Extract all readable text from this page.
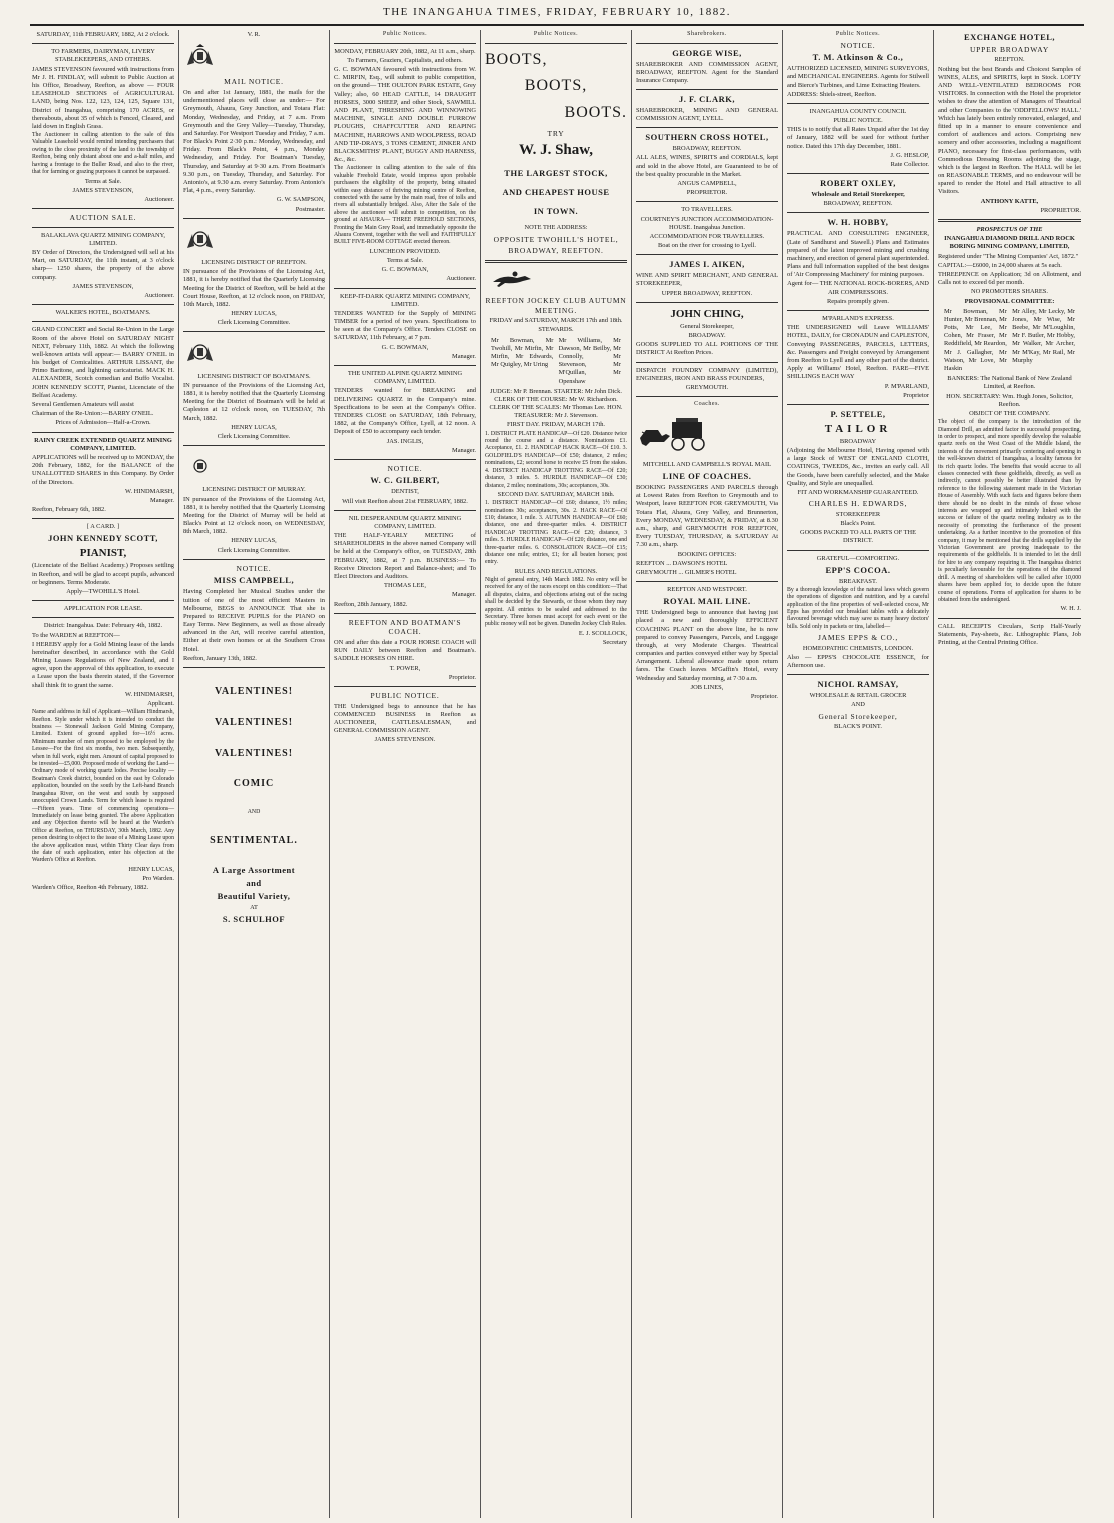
THE INANGAHUA TIMES, FRIDAY, FEBRUARY 10, 1882.

SATURDAY, 11th FEBRUARY, 1882, At 2 o'clock.

TO FARMERS, DAIRYMAN, LIVERY STABLEKEEPERS, AND OTHERS.

JAMES STEVENSON favoured with instructions from Mr J. H. FINDLAY, will submit to Public Auction at his Office, Broadway, Reefton, as above — FOUR LEASEHOLD SECTIONS of AGRICULTURAL LAND, being Nos. 122, 123, 124, 125, Square 131, District of Inangahua, comprising 170 ACRES, or thereabouts, about 35 of which is Fenced, Cleared, and laid down in English Grass.

The Auctioneer in calling attention to the sale of this Valuable Leasehold would remind intending purchasers that owing to the close proximity of the land to the township of Reefton, being only distant about one and a-half miles, and having a frontage to the Buller Road, and also to the river, that for farming or grazing purposes it cannot be surpassed.

Terms at Sale.

JAMES STEVENSON,

Auctioneer.

AUCTION SALE.

BALAKLAVA QUARTZ MINING COMPANY, LIMITED.

BY Order of Directors, the Undersigned will sell at his Mart, on SATURDAY, the 11th instant, at 3 o'clock sharp— 1250 shares, the property of the above company.

JAMES STEVENSON,

Auctioneer.

WALKER'S HOTEL, BOATMAN'S.

GRAND CONCERT and Social Re-Union in the Large Room of the above Hotel on SATURDAY NIGHT NEXT, February 11th, 1882. At which the following well-known artists will appear:— BARRY O'NEIL in his budget of Comicalities. ARTHUR LISSANT, the Primo Baritone, and lightning caricaturist. MACK H. ALEXANDER, Scotch comedian and Buffo Vocalist. JOHN KENNEDY SCOTT, Pianist, Licenciate of the Belfast Academy.

Several Gentlemen Amateurs will assist

Chairman of the Re-Union:—BARRY O'NEIL.

Prices of Admission—Half-a-Crown.

RAINY CREEK EXTENDED QUARTZ MINING COMPANY, LIMITED.

APPLICATIONS will be received up to MONDAY, the 20th February, 1882, for the BALANCE of the UNALLOTTED SHARES in this Company. By Order of the Directors.

W. HINDMARSH,

Manager.

Reefton, February 6th, 1882.

[ A CARD. ]

JOHN KENNEDY SCOTT,

PIANIST,

(Licenciate of the Belfast Academy.) Proposes settling in Reefton, and will be glad to accept pupils, advanced or beginners. Terms Moderate.

Apply—TWOHILL'S Hotel.

APPLICATION FOR LEASE.

District: Inangahua. Date: February 4th, 1882.

To the WARDEN at REEFTON—

I HEREBY apply for a Gold Mining lease of the lands hereinafter described, in accordance with the Gold Mining Leases Regulations of New Zealand, and I agree, upon the approval of this application, to execute a Lease upon the basis therein stated, if the Governor shall think fit to grant the same.

W. HINDMARSH,

Applicant.

Name and address in full of Applicant—William Hindmarsh, Reefton. Style under which it is intended to conduct the business — Stonewall Jackson Gold Mining Company, Limited. Extent of ground applied for—16½ acres. Minimum number of men proposed to be employed by the Lessee—For the first six months, two men. Subsequently, when in full work, eight men. Amount of capital proposed to be invested—£5,000. Proposed mode of working the Land—Ordinary mode of working quartz lodes. Precise locality — Boatman's Creek district, bounded on the east by Colorado application, bounded on the south by the Left-hand Branch Inangahua River, on the west and south by supposed unoccupied Crown Lands. Term for which lease is required—Fifteen years. Time of commencing operations—Immediately on lease being granted. The above Application and any Objection thereto will be heard at the Warden's Office at Reefton, on THURSDAY, 30th March, 1882. Any person desiring to object to the issue of a Mining Lease upon the above application must, within Thirty Clear days from the date of such application, enter his objection at the Warden's Office at Reefton.

HENRY LUCAS,

Pro Warden.

Warden's Office, Reefton 4th February, 1882.

V. R.

MAIL NOTICE.

On and after 1st January, 1881, the mails for the undermentioned places will close as under:— For Greymouth, Ahaura, Grey Junction, and Totara Flat: Monday, Wednesday, and Friday, at 7 a.m. From Greymouth and the Grey Valley—Tuesday, Thursday, and Saturday. For Westport Tuesday and Friday, 7 a.m. For Black's Point 2·30 p.m.: Monday, Wednesday, and Friday. From Black's Point, 4 p.m., Monday Wednesday, and Friday. For Boatman's Tuesday, Thursday, and Saturday at 9·30 a.m. From Boatman's 9.30 p.m., on Tuesday, Thursday, and Saturday. For Antonio's, at 9.30 a.m. every Saturday. From Antonio's Flat, 4 p.m., every Saturday.

G. W. SAMPSON,

Postmaster.

LICENSING DISTRICT OF REEFTON.

IN pursuance of the Provisions of the Licensing Act, 1881, it is hereby notified that the Quarterly Licensing Meeting for the District of Reefton, will be held at the Court House, Reefton, at 12 o'clock noon, on FRIDAY, 10th March, 1882.

HENRY LUCAS,

Clerk Licensing Committee.

LICENSING DISTRICT OF BOATMAN'S.

IN pursuance of the Provisions of the Licensing Act, 1881, it is hereby notified that the Quarterly Licensing Meeting for the District of Boatman's will be held at Capleston at 12 o'clock noon, on TUESDAY, 7th March, 1882.

HENRY LUCAS,

Clerk Licensing Committee.

LICENSING DISTRICT OF MURRAY.

IN pursuance of the Provisions of the Licensing Act, 1881, it is hereby notified that the Quarterly Licensing Meeting for the District of Murray will be held at Black's Point at 12 o'clock noon, on WEDNESDAY, 8th March, 1882.

HENRY LUCAS,

Clerk Licensing Committee.

NOTICE.

MISS CAMPBELL,

Having Completed her Musical Studies under the tuition of one of the most efficient Masters in Melbourne, BEGS to ANNOUNCE That she is Prepared to RECEIVE PUPILS for the PIANO on Easy Terms. New Beginners, as well as those already advanced in the Art, will receive careful attention, Either at their own homes or at the Southern Cross Hotel.

Reefton, January 13th, 1882.

VALENTINES!

VALENTINES!

VALENTINES!

COMIC

AND

SENTIMENTAL.

A Large Assortment

and

Beautiful Variety,

AT

S. SCHULHOF

Public Notices.

MONDAY, FEBRUARY 20th, 1882, At 11 a.m., sharp.

To Farmers, Graziers, Capitalists, and others.

G. C. BOWMAN favoured with instructions from W. C. MIRFIN, Esq., will submit to public competition, on the ground— THE OULTON PARK ESTATE, Grey Valley; also, 60 HEAD CATTLE, 14 DRAUGHT HORSES, 3000 SHEEP, and other Stock, SAWMILL AND PLANT, THRESHING AND WINNOWING MACHINE, SINGLE AND DOUBLE FURROW PLOUGHS, CHAFFCUTTER AND REAPING MACHINE, HARROWS AND WOOLPRESS, ROAD AND TIP-DRAYS, 3 TONS CEMENT, JINKER AND BLACKSMITHS' PLANT, BUGGY AND HARNESS, &c., &c.

The Auctioneer in calling attention to the sale of this valuable Freehold Estate, would impress upon probable purchasers the eligibility of the property, being situated within easy distance of thriving mining centre of Reefton, connected with the same by the main road, free of tolls and rivers all substantially bridged. Also, After the Sale of the above the auctioneer will submit to competition, on the ground at AHAURA— THREE FREEHOLD SECTIONS, Fronting the Main Grey Road, and immediately opposite the Ahaura Convent, together with the well and FAITHFULLY BUILT FIVE-ROOM COTTAGE erected thereon.

LUNCHEON PROVIDED.

Terms at Sale.

G. C. BOWMAN,

Auctioneer.

KEEP-IT-DARK QUARTZ MINING COMPANY, LIMITED.

TENDERS WANTED for the Supply of MINING TIMBER for a period of two years. Specifications to be seen at the Company's Office. Tenders CLOSE on SATURDAY, 11th February, at 7 p.m.

G. C. BOWMAN,

Manager.

THE UNITED ALPINE QUARTZ MINING COMPANY, LIMITED.

TENDERS wanted for BREAKING and DELIVERING QUARTZ in the Company's mine. Specifications to be seen at the Company's Office. TENDERS CLOSE on SATURDAY, 18th February, 1882, at the Company's Office, Lyell, at 12 noon. A Deposit of £50 to accompany each tender.

JAS. INGLIS,

Manager.

NOTICE.

W. C. GILBERT,

DENTIST,

Will visit Reefton about 21st FEBRUARY, 1882.

NIL DESPERANDUM QUARTZ MINING COMPANY, LIMITED.

THE HALF-YEARLY MEETING of SHAREHOLDERS in the above named Company will be held at the Company's office, on TUESDAY, 28th FEBRUARY, 1882, at 7 p.m. BUSINESS:— To Receive Directors Report and Balance-sheet; and To Elect Directors and Auditors.

THOMAS LEE,

Manager.

Reefton, 28th January, 1882.

REEFTON AND BOATMAN'S COACH.

ON and after this date a FOUR HORSE COACH will RUN DAILY between Reefton and Boatman's. SADDLE HORSES ON HIRE.

T. POWER,

Proprietor.

PUBLIC NOTICE.

THE Undersigned begs to announce that he has COMMENCED BUSINESS in Reefton as AUCTIONEER, CATTLESALESMAN, and GENERAL COMMISSION AGENT.

JAMES STEVENSON.

Public Notices.

BOOTS,

BOOTS,

BOOTS.

TRY

W. J. Shaw,

THE LARGEST STOCK,

AND CHEAPEST HOUSE

IN TOWN.

NOTE THE ADDRESS:

OPPOSITE TWOHILL'S HOTEL,

BROADWAY, REEFTON.

REEFTON JOCKEY CLUB AUTUMN MEETING.

FRIDAY and SATURDAY, MARCH 17th and 18th.

STEWARDS.

Mr Bowman, Mr Twohill, Mr Mirfin, Mr Mirfin, Mr Edwards, Mr Quigley, Mr Uring

Mr Williams, Mr Dawson, Mr Beilby, Mr Connolly, Mr Stevenson, Mr M'Quillan, Mr Openshaw

JUDGE: Mr P. Brennan. STARTER: Mr John Dick. CLERK OF THE COURSE: Mr W. Richardson. CLERK OF THE SCALES: Mr Thomas Lee. HON. TREASURER: Mr J. Stevenson.

FIRST DAY. FRIDAY, MARCH 17th.

1. DISTRICT PLATE HANDICAP—Of £20. Distance twice round the course and a distance. Nominations £1. Acceptance, £1. 2. HANDICAP HACK RACE—Of £10. 3. GOLDFIELD'S HANDICAP—Of £50; distance, 2 miles; nominations, £2; second horse to receive £5 from the stakes. 4. DISTRICT HANDICAP TROTTING RACE—Of £20; distance, 3 miles. 5. HURDLE HANDICAP—Of £30; distance, 2 miles; nominations, 30s; acceptances, 30s.

SECOND DAY. SATURDAY, MARCH 18th.

1. DISTRICT HANDICAP—Of £60; distance, 1½ miles; nominations 30s; acceptances, 30s. 2. HACK RACE—Of £10; distance, 1 mile. 3. AUTUMN HANDICAP—Of £60; distance, one and three-quarter miles. 4. DISTRICT HANDICAP TROTTING RACE—Of £20; distance, 3 miles. 5. HURDLE HANDICAP—Of £20; distance, one and three-quarter miles. 6. CONSOLATION RACE—Of £15; distance one mile; entries, £1; for all beaten horses; post entry.

RULES AND REGULATIONS.

Night of general entry, 14th March 1882. No entry will be received for any of the races except on this condition:—That all disputes, claims, and objections arising out of the racing shall be decided by the Stewards, or those whom they may appoint. All entries to be sealed and addressed to the Secretary. Three horses must accept for each event or the public money will not be given. Dunedin Jockey Club Rules.

E. J. SCOLLOCK,

Secretary

Sharebrokers.

GEORGE WISE,

SHAREBROKER AND COMMISSION AGENT, BROADWAY, REEFTON. Agent for the Standard Insurance Company.

J. F. CLARK,

SHAREBROKER, MINING AND GENERAL COMMISSION AGENT, LYELL.

SOUTHERN CROSS HOTEL,

BROADWAY, REEFTON.

ALL ALES, WINES, SPIRITS and CORDIALS, kept and sold in the above Hotel, are Guaranteed to be of the best quality procurable in the Market.

ANGUS CAMPBELL,

PROPRIETOR.

TO TRAVELLERS.

COURTNEY'S JUNCTION ACCOMMODATION-HOUSE. Inangahua Junction.

ACCOMMODATION FOR TRAVELLERS.

Boat on the river for crossing to Lyell.

JAMES I. AIKEN,

WINE AND SPIRIT MERCHANT, AND GENERAL STOREKEEPER,

UPPER BROADWAY, REEFTON.

JOHN CHING,

General Storekeeper,

BROADWAY.

GOODS SUPPLIED TO ALL PORTIONS OF THE DISTRICT At Reefton Prices.

DISPATCH FOUNDRY COMPANY (LIMITED), ENGINEERS, IRON AND BRASS FOUNDERS,

GREYMOUTH.

Coaches.

MITCHELL AND CAMPBELL'S ROYAL MAIL

LINE OF COACHES.

BOOKING PASSENGERS AND PARCELS through at Lowest Rates from Reefton to Greymouth and to Westport, leave REEFTON FOR GREYMOUTH, Via Totara Flat, Ahaura, Grey Valley, and Brunnerton, Every MONDAY, WEDNESDAY, & FRIDAY, at 8.30 a.m., sharp, and GREYMOUTH FOR REEFTON, Every TUESDAY, THURSDAY, & SATURDAY At 7.30 a.m., sharp.

BOOKING OFFICES:

REEFTON ... DAWSON'S HOTEL

GREYMOUTH ... GILMER'S HOTEL

REEFTON AND WESTPORT.

ROYAL MAIL LINE.

THE Undersigned begs to announce that having just placed a new and thoroughly EFFICIENT COACHING PLANT on the above line, he is now prepared to convey Passengers, Parcels, and Luggage through, at very Moderate Charges. Theatrical companies and parties conveyed either way by Special Arrangement. Liberal allowance made upon return fares. The Coach leaves M'Gaffin's Hotel, every Wednesday and Saturday morning, at 7·30 a.m.

JOB LINES,

Proprietor.

Public Notices.

NOTICE.

T. M. Atkinson & Co.,

AUTHORIZED LICENSED, MINING SURVEYORS, and MECHANICAL ENGINEERS. Agents for Stilwell and Bierce's Turbines, and Lime Extracting Heaters.

ADDRESS: Shiels-street, Reefton.

INANGAHUA COUNTY COUNCIL

PUBLIC NOTICE.

THIS is to notify that all Rates Unpaid after the 1st day of January, 1882 will be sued for without further notice. Dated this 17th day December, 1881.

J. G. HESLOP,

Rate Collector.

ROBERT OXLEY,

Wholesale and Retail Storekeeper,

BROADWAY, REEFTON.

W. H. HOBBY,

PRACTICAL AND CONSULTING ENGINEER, (Late of Sandhurst and Stawell.) Plans and Estimates prepared of the latest improved mining and crushing machinery, and erection of general plant superintended. Plans and full information supplied of the best designs of 'Air Compressing Machinery' for mining purposes.

Agent for— THE NATIONAL ROCK-BORERS, AND AIR COMPRESSORS.

Repairs promptly given.

M'PARLAND'S EXPRESS.

THE UNDERSIGNED will Leave WILLIAMS' HOTEL, DAILY, for CRONADUN and CAPLESTON, Conveying PASSENGERS, PARCELS, LETTERS, &c. Passengers and Freight conveyed by Arrangement from Reefton to Lyell and any other part of the district. Apply at Williams' Hotel, Reefton. FARE—FIVE SHILLINGS EACH WAY

P. M'PARLAND,

Proprietor

P. SETTELE,

TAILOR

BROADWAY

(Adjoining the Melbourne Hotel, Having opened with a large Stock of WEST OF ENGLAND CLOTH, COATINGS, TWEEDS, &c., invites an early call. All the Goods, have been carefully selected, and the Make Quality, and Style are unequalled.

FIT AND WORKMANSHIP GUARANTEED.

CHARLES H. EDWARDS,

STOREKEEPER

Black's Point.

GOODS PACKED TO ALL PARTS OF THE DISTRICT.

GRATEFUL—COMFORTING.

EPP'S COCOA.

BREAKFAST.

By a thorough knowledge of the natural laws which govern the operations of digestion and nutrition, and by a careful application of the fine properties of well-selected cocoa, Mr Epps has provided our breakfast tables with a delicately flavoured beverage which may save us many heavy doctors' bills. Sold only in packets or tins, labelled—

JAMES EPPS & CO.,

HOMEOPATHIC CHEMISTS, LONDON.

Also — EPPS'S CHOCOLATE ESSENCE, for Afternoon use.

NICHOL RAMSAY,

WHOLESALE & RETAIL GROCER

AND

General Storekeeper,

BLACK'S POINT.

EXCHANGE HOTEL,

UPPER BROADWAY

REEFTON.

Nothing but the best Brands and Choicest Samples of WINES, ALES, and SPIRITS, kept in Stock. LOFTY AND WELL-VENTILATED BEDROOMS FOR VISITORS. In connection with the Hotel the proprietor wishes to draw the attention of Managers of Theatrical and other Companies to the 'ODDFELLOWS' HALL.' Which has lately been entirely renovated, enlarged, and fitted up in a manner to ensure convenience and comfort of audiences and actors. Comprising new scenery and other accessories, including a magnificent PIANO, necessary for first-class performances, with Commodious Dressing Rooms adjoining the stage, which is the largest in Reefton. The HALL will be let on REASONABLE TERMS, and no endeavour will be spared to render the Hotel and Hall attractive to all Visitors.

ANTHONY KATTE,

PROPRIETOR.

PROSPECTUS OF THE

INANGAHUA DIAMOND DRILL AND ROCK BORING MINING COMPANY, LIMITED,

Registered under "The Mining Companies' Act, 1872."

CAPITAL:—£6000, in 24,000 shares at 5s each.

THREEPENCE on Application; 3d on Allotment, and Calls not to exceed 6d per month.

NO PROMOTERS SHARES.

PROVISIONAL COMMITTEE:

Mr Bowman, Mr Hunter, Mr Brennan, Mr Potts, Mr Lee, Mr Cohen, Mr Fraser, Mr Reddifield, Mr Reardon, Mr J. Gallagher, Mr Watson, Mr Love, Mr Haskin

Mr Alley, Mr Lecky, Mr Jones, Mr Wise, Mr Beebe, Mr M'Loughlin, Mr F. Butler, Mr Hobby, Mr Walker, Mr Archer, Mr M'Kay, Mr Rail, Mr Murphy

BANKERS: The National Bank of New Zealand Limited, at Reefton.

HON. SECRETARY: Wm. Hugh Jones, Solicitor, Reefton.

OBJECT OF THE COMPANY.

The object of the company is the introduction of the Diamond Drill, an admitted factor in successful prospecting, in order to prospect, and more speedily develop the valuable quartz reefs on the West Coast of the Middle Island, the interests of the movement primarily centering and opening in the well-known district of Inangahua, a locality famous for its rich quartz lodes. The benefits that would accrue to all classes connected with these goldfields, directly, as well as indirectly, cannot possibly be better illustrated than by reference to the following statement made in the Victorian House of Assembly. With such facts and figures before them there should be no doubt in the minds of those whose interests are wrapped up and intimately linked with the success or failure of the quartz reefing industry as to the necessity of promoting the furtherance of the present undertaking. As a further incentive to the promotion of this company, it may be mentioned that the drills supplied by the Victorian Government are proving inadequate to the requirements of the goldfields. It is intended to let the drill for hire to any company requiring it. The Inangahua district is peculiarly favourable for the operations of the diamond drill. A meeting of shareholders will be called after 10,000 shares have been applied for, to decide upon the future course of operations. Forms of application for shares to be obtained from the undersigned.

W. H. J.

CALL RECEIPTS Circulars, Scrip Half-Yearly Statements, Pay-sheets, &c. Lithographic Plans, Job Printing, at the Central Printing Office.
